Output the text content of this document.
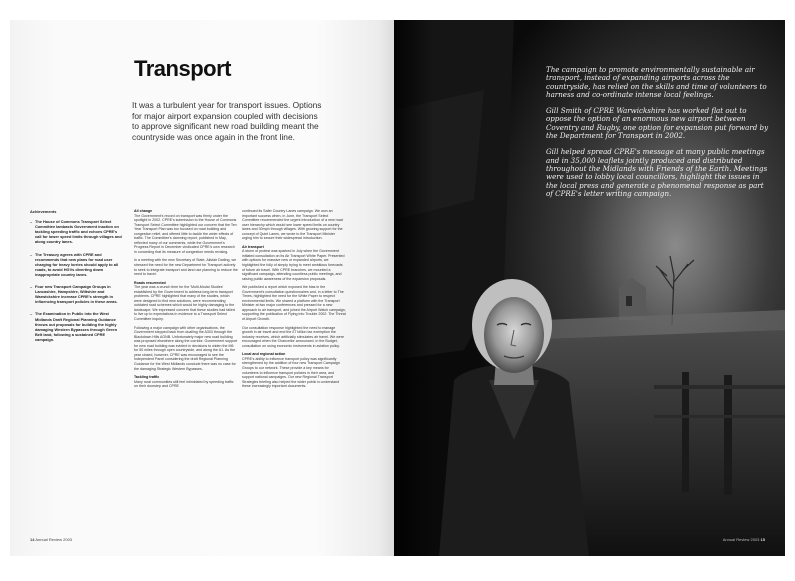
Transport
It was a turbulent year for transport issues. Options for major airport expansion coupled with decisions to approve significant new road building meant the countryside was once again in the front line.
Achievements
– The House of Commons Transport Select Committee lambasts Government inaction on tackling speeding traffic and echoes CPRE's call for lower speed limits through villages and along country lanes.
– The Treasury agrees with CPRE and recommends that new plans for road user charging for heavy lorries should apply to all roads, to avoid HGVs diverting down inappropriate country lanes.
– Four new Transport Campaign Groups in Lancashire, Hampshire, Wiltshire and Warwickshire increase CPRE's strength in influencing transport policies in these areas.
– The Examination in Public into the West Midlands Draft Regional Planning Guidance throws out proposals for building the highly damaging Western Bypasses through Green Belt land, following a sustained CPRE campaign.
All change
The Government's record on transport was firmly under the spotlight in 2002. CPRE's submission to the House of Commons Transport Select Committee highlighted our concern that the Ten Year Transport Plan was too focused on road building and congestion relief, and offered little to tackle the wider effects of traffic. The Committee's damning report, published in May, reflected many of our comments, while the Government's Progress Report in December vindicated CPRE's own research in conceding that its measure of congestion needs revising.
In a meeting with the new Secretary of State, Alistair Darling, we stressed the need for the new Department for Transport actively to seek to integrate transport and land use planning to reduce the need to travel.
Roads resurrected
The year was a crunch time for the 'Multi-Modal Studies' established by the Government to address long-term transport problems. CPRE highlighted that many of the studies, which were designed to find new solutions, were recommending outdated road schemes which would be highly damaging to the landscape. We expressed concern that these studies had failed to live up to expectations in evidence to a Transport Select Committee inquiry.
Following a major campaign with other organisations, the Government stepped back from dualling the A303 through the Blackdown Hills AONB. Unfortunately major new road building was proposed elsewhere along the corridor. Government support for new road building was evident in decisions to widen the M6 for 50 miles through open countryside, and along the A1. As the year closed, however, CPRE was encouraged to see the Independent Panel considering the draft Regional Planning Guidance for the West Midlands conclude there was no case for the damaging Strategic Western Bypasses.
Tackling traffic
Many rural communities still feel intimidated by speeding traffic on their doorstep and CPRE
continued its Safer Country Lanes campaign. We won an important success when, in June, the Transport Select Committee recommended the urgent introduction of a new road user hierarchy which would see lower speed limits on country lanes and 30mph through villages. With growing support for the concept of Quiet Lanes, we wrote to the Transport Minister urging him to secure their widespread introduction.
Air transport
A storm of protest was sparked in July when the Government initiated consultation on its Air Transport White Paper. Presented with options for massive new or expanded airports, we highlighted the folly of simply trying to meet ambitious forecasts of future air travel. With CPRE branches, we mounted a significant campaign, attending countless public meetings, and raising public awareness of the expansion proposals.
We published a report which exposed the bias in the Government's consultation questionnaires and, in a letter to The Times, highlighted the need for the White Paper to respect environmental limits. We shared a platform with the Transport Minister at two major conferences and pressed for a new approach to air transport, and joined the Airport Watch campaign, supporting the publication of Flying into Trouble 2002: The Threat of Airport Growth.
Our consultation response highlighted the need to manage growth in air travel and end the £7 billion tax exemption the industry receives, which artificially stimulates air travel. We were encouraged when the Chancellor announced, in the Budget, consultation on using economic instruments in aviation policy.
Local and regional action
CPRE's ability to influence transport policy was significantly strengthened by the addition of four new Transport Campaign Groups to our network. These provide a key means for volunteers to influence transport policies in their area, and support national campaigns. Our new Regional Transport Strategies briefing also helped the wider public to understand these increasingly important documents.
14 Annual Review 2003

The campaign to promote environmentally sustainable air transport, instead of expanding airports across the countryside, has relied on the skills and time of volunteers to harness and co-ordinate intense local feelings.

Gill Smith of CPRE Warwickshire has worked flat out to oppose the option of an enormous new airport between Coventry and Rugby, one option for expansion put forward by the Department for Transport in 2002.

Gill helped spread CPRE's message at many public meetings and in 35,000 leaflets jointly produced and distributed throughout the Midlands with Friends of the Earth. Meetings were used to lobby local councillors, highlight the issues in the local press and generate a phenomenal response as part of CPRE's letter writing campaign.

Annual Review 2003 15
